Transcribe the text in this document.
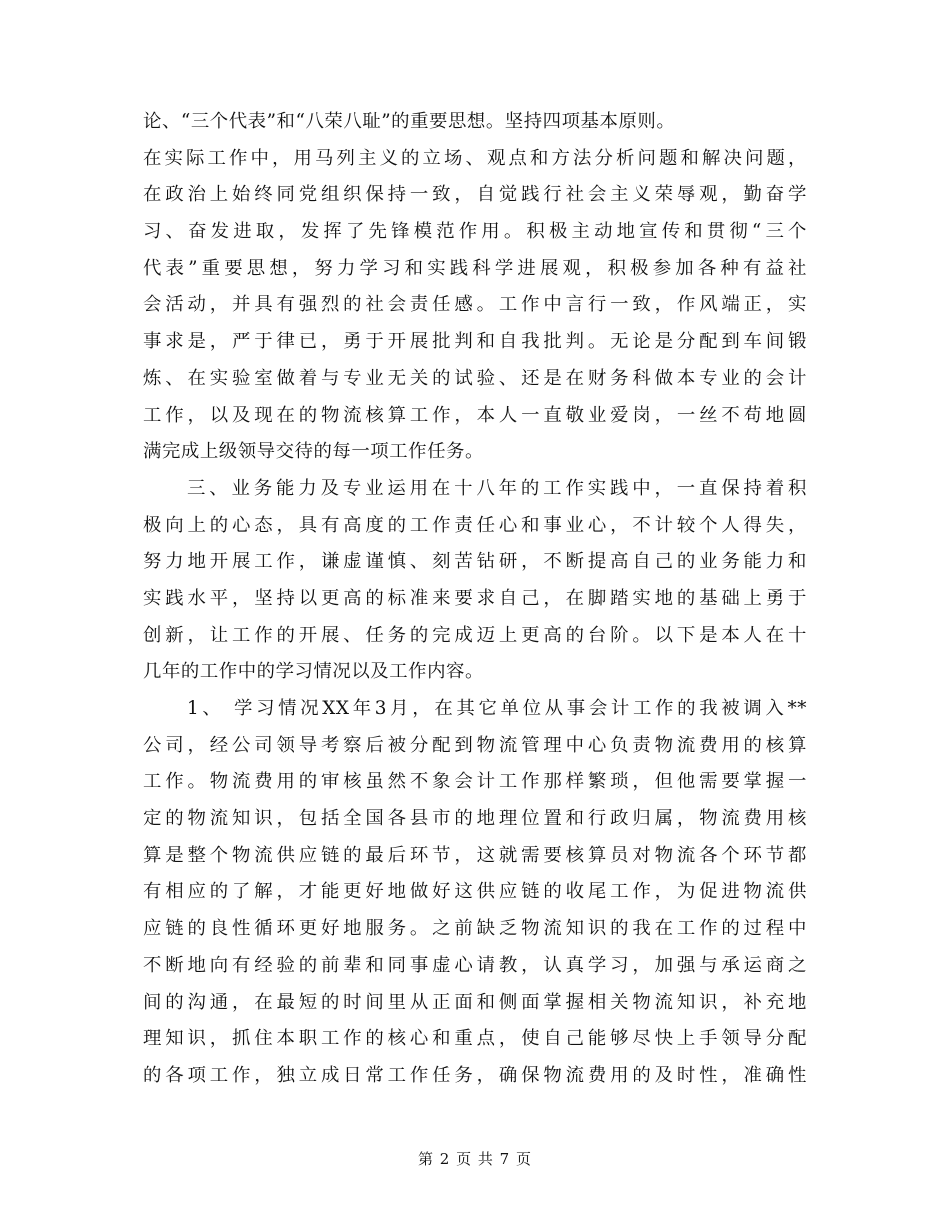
论、“三个代表”和“八荣八耻”的重要思想。坚持四项基本原则。
在实际工作中，用马列主义的立场、观点和方法分析问题和解决问题，
在政治上始终同党组织保持一致，自觉践行社会主义荣辱观，勤奋学
习、奋发进取，发挥了先锋模范作用。积极主动地宣传和贯彻“三个
代表”重要思想，努力学习和实践科学进展观，积极参加各种有益社
会活动，并具有强烈的社会责任感。工作中言行一致，作风端正，实
事求是，严于律已，勇于开展批判和自我批判。无论是分配到车间锻
炼、在实验室做着与专业无关的试验、还是在财务科做本专业的会计
工作，以及现在的物流核算工作，本人一直敬业爱岗，一丝不苟地圆
满完成上级领导交待的每一项工作任务。
三、业务能力及专业运用在十八年的工作实践中，一直保持着积
极向上的心态，具有高度的工作责任心和事业心，不计较个人得失，
努力地开展工作，谦虚谨慎、刻苦钻研，不断提高自己的业务能力和
实践水平，坚持以更高的标准来要求自己，在脚踏实地的基础上勇于
创新，让工作的开展、任务的完成迈上更高的台阶。以下是本人在十
几年的工作中的学习情况以及工作内容。
1、 学习情况XX年3月，在其它单位从事会计工作的我被调入**
公司，经公司领导考察后被分配到物流管理中心负责物流费用的核算
工作。物流费用的审核虽然不象会计工作那样繁琐，但他需要掌握一
定的物流知识，包括全国各县市的地理位置和行政归属，物流费用核
算是整个物流供应链的最后环节，这就需要核算员对物流各个环节都
有相应的了解，才能更好地做好这供应链的收尾工作，为促进物流供
应链的良性循环更好地服务。之前缺乏物流知识的我在工作的过程中
不断地向有经验的前辈和同事虚心请教，认真学习，加强与承运商之
间的沟通，在最短的时间里从正面和侧面掌握相关物流知识，补充地
理知识，抓住本职工作的核心和重点，使自己能够尽快上手领导分配
的各项工作，独立成日常工作任务，确保物流费用的及时性，准确性
第 2 页 共 7 页
